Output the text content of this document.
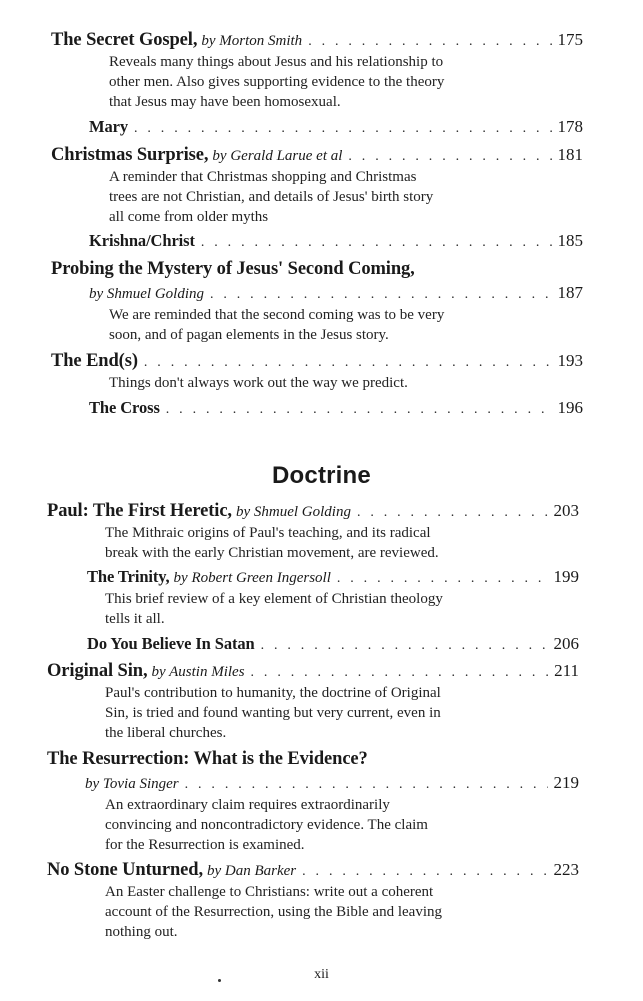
The Secret Gospel, by Morton Smith . . .	175
Reveals many things about Jesus and his relationship to
other men. Also gives supporting evidence to the theory
that Jesus may have been homosexual.
Mary . . .	178
Christmas Surprise, by Gerald Larue et al . . .	181
A reminder that Christmas shopping and Christmas
trees are not Christian, and details of Jesus' birth story
all come from older myths
Krishna/Christ . . .	185
Probing the Mystery of Jesus' Second Coming,
by Shmuel Golding . . .	187
We are reminded that the second coming was to be very
soon, and of pagan elements in the Jesus story.
The End(s) . . .	193
Things don't always work out the way we predict.
The Cross . . .	196
Doctrine
Paul: The First Heretic, by Shmuel Golding . . .	203
The Mithraic origins of Paul's teaching, and its radical
break with the early Christian movement, are reviewed.
The Trinity, by Robert Green Ingersoll . . .	199
This brief review of a key element of Christian theology
tells it all.
Do You Believe In Satan . . .	206
Original Sin, by Austin Miles . . .	211
Paul's contribution to humanity, the doctrine of Original
Sin, is tried and found wanting but very current, even in
the liberal churches.
The Resurrection: What is the Evidence?
by Tovia Singer . . .	219
An extraordinary claim requires extraordinarily
convincing and noncontradictory evidence. The claim
for the Resurrection is examined.
No Stone Unturned, by Dan Barker . . .	223
An Easter challenge to Christians: write out a coherent
account of the Resurrection, using the Bible and leaving
nothing out.
xii
